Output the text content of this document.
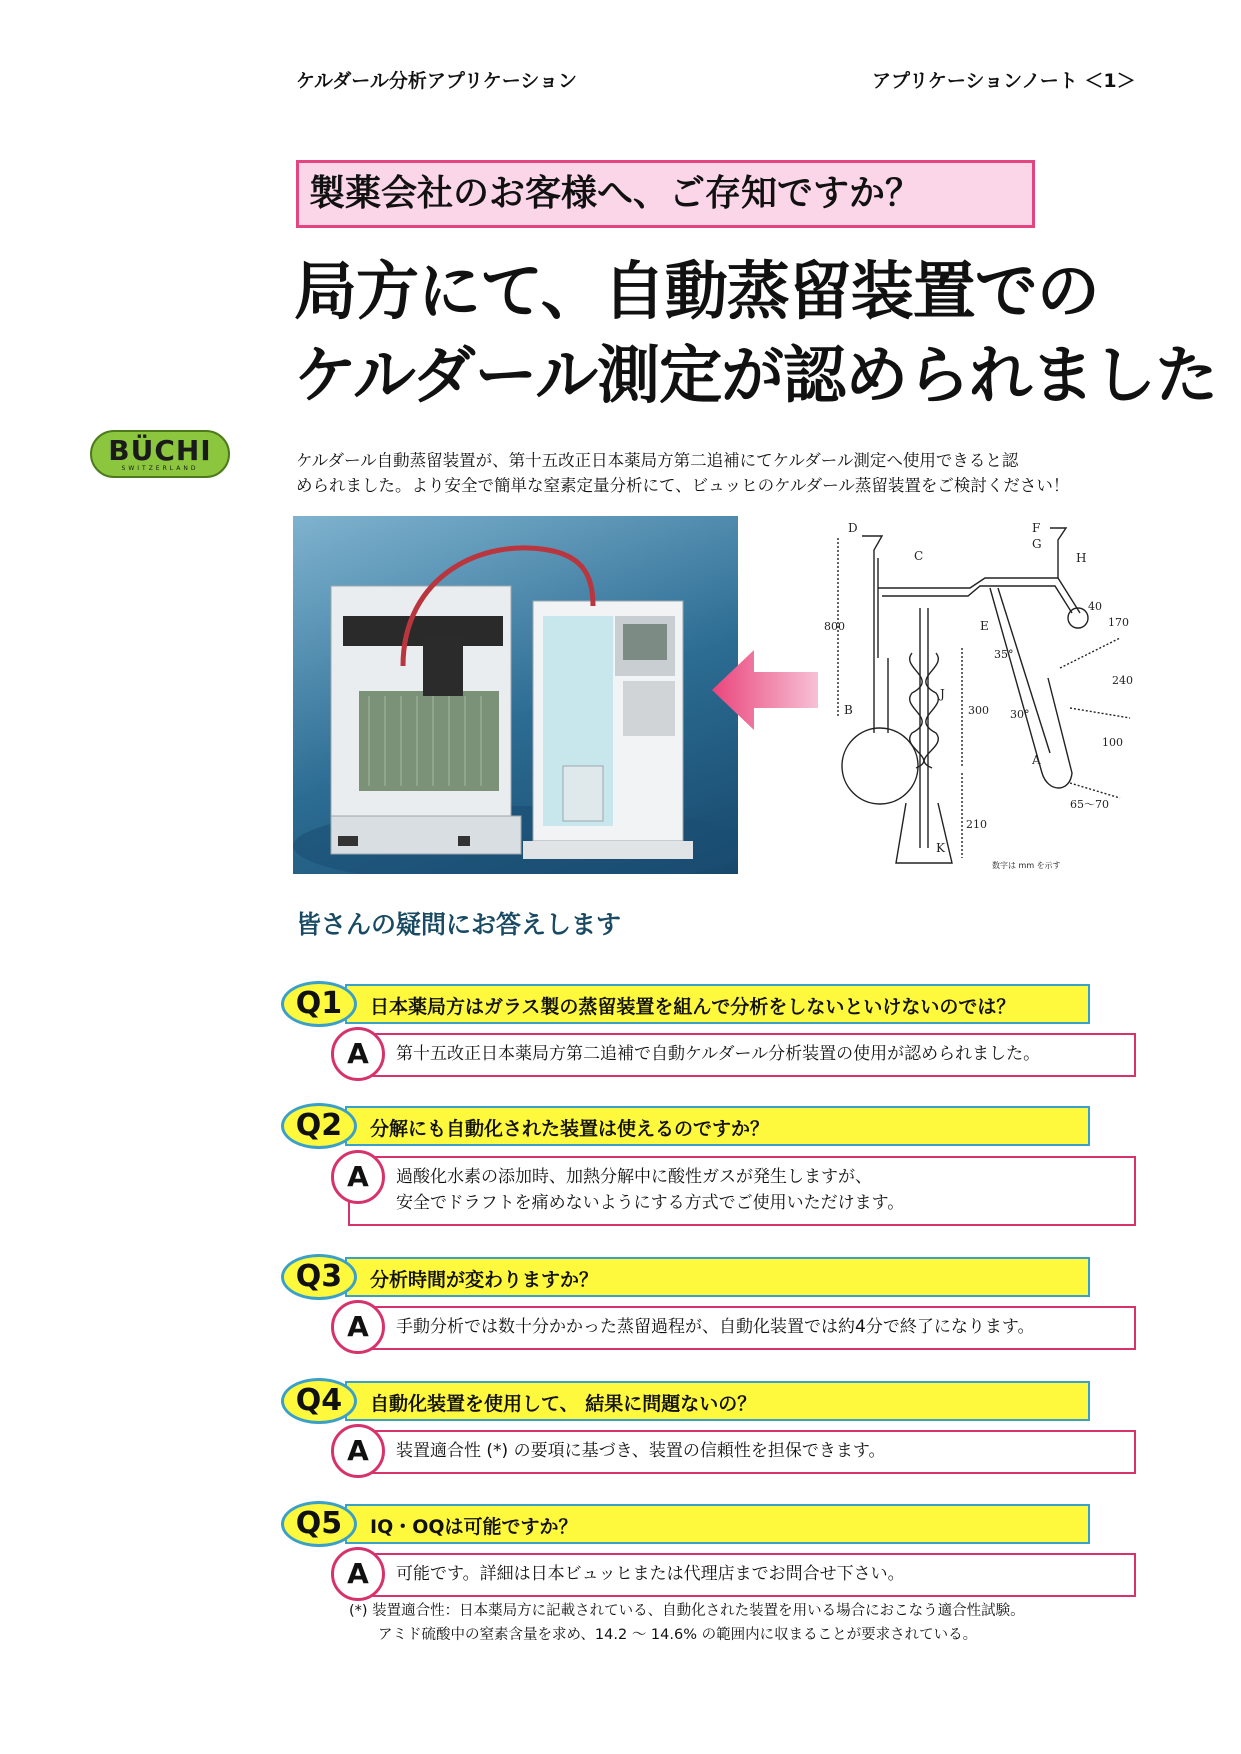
ケルダール分析アプリケーション	アプリケーションノート ＜1＞
製薬会社のお客様へ、ご存知ですか？
局方にて、自動蒸留装置での
ケルダール測定が認められました
BÜCHI
SWITZERLAND	ケルダール自動蒸留装置が、第十五改正日本薬局方第二追補にてケルダール測定へ使用できると認
められました。より安全で簡単な窒素定量分析にて、ビュッヒのケルダール蒸留装置をご検討ください！
D	F
G
C	H
E
B
J
A
K
800
40
170
35°
240
30°
100
300
65～70
210
数字は mm を示す
皆さんの疑問にお答えします
日本薬局方はガラス製の蒸留装置を組んで分析をしないといけないのでは？
Q1
第十五改正日本薬局方第二追補で自動ケルダール分析装置の使用が認められました。
A
分解にも自動化された装置は使えるのですか？
Q2
過酸化水素の添加時、加熱分解中に酸性ガスが発生しますが、
安全でドラフトを痛めないようにする方式でご使用いただけます。
A
分析時間が変わりますか？
Q3
手動分析では数十分かかった蒸留過程が、自動化装置では約4分で終了になります。
A
自動化装置を使用して、 結果に問題ないの？
Q4
装置適合性 (*) の要項に基づき、装置の信頼性を担保できます。
A
IQ・OQは可能ですか？
Q5
可能です。詳細は日本ビュッヒまたは代理店までお問合せ下さい。
A
(*) 装置適合性：日本薬局方に記載されている、自動化された装置を用いる場合におこなう適合性試験。
アミド硫酸中の窒素含量を求め、14.2 ～ 14.6% の範囲内に収まることが要求されている。
